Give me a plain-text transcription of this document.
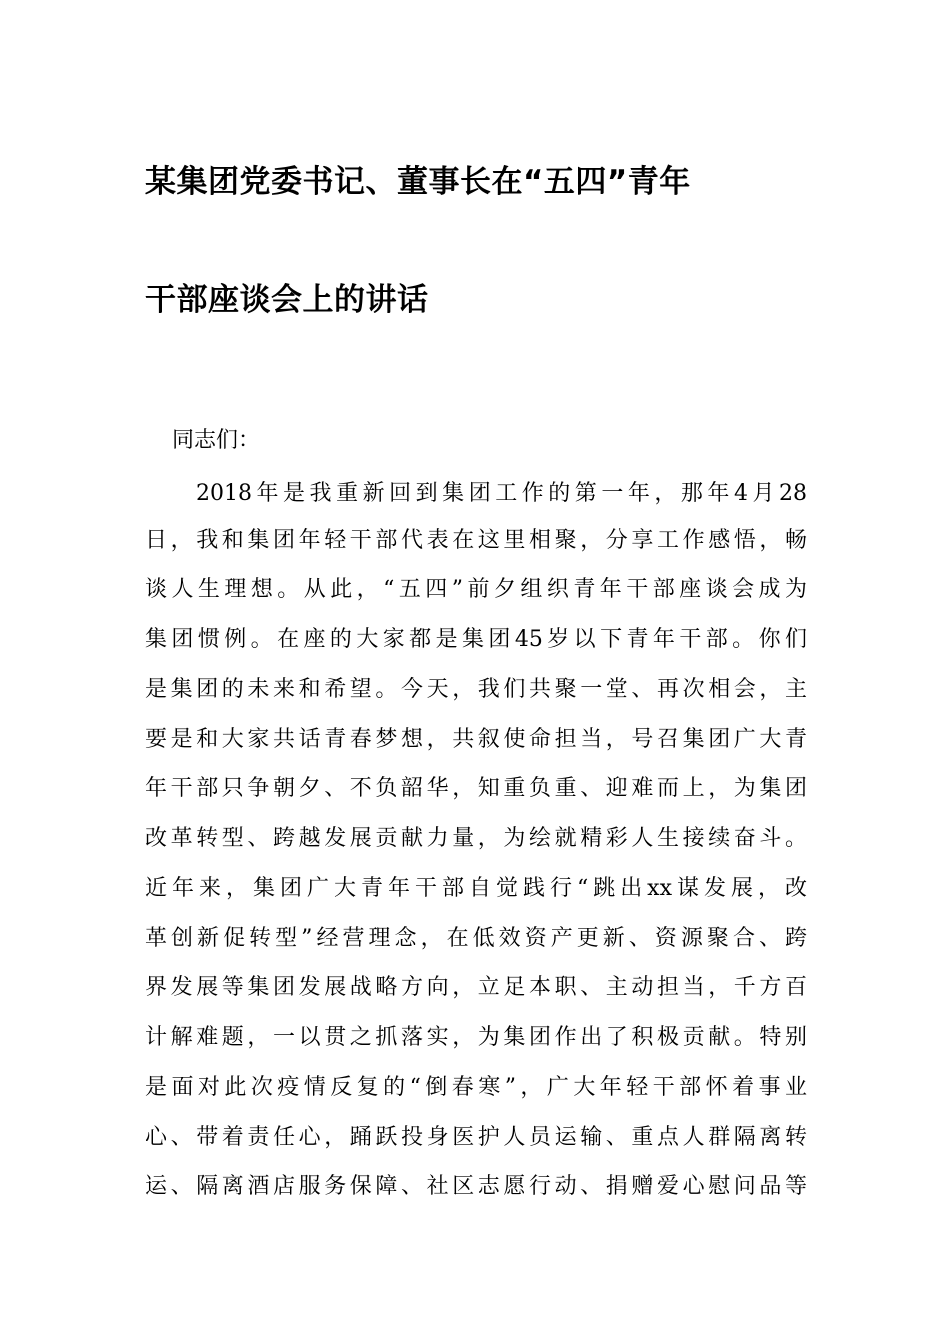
某集团党委书记、董事长在“五四”青年
干部座谈会上的讲话
同志们：
2018年是我重新回到集团工作的第一年，那年4月28
日，我和集团年轻干部代表在这里相聚，分享工作感悟，畅
谈人生理想。从此，“五四”前夕组织青年干部座谈会成为
集团惯例。在座的大家都是集团45岁以下青年干部。你们
是集团的未来和希望。今天，我们共聚一堂、再次相会，主
要是和大家共话青春梦想，共叙使命担当，号召集团广大青
年干部只争朝夕、不负韶华，知重负重、迎难而上，为集团
改革转型、跨越发展贡献力量，为绘就精彩人生接续奋斗。
近年来，集团广大青年干部自觉践行“跳出xx谋发展，改
革创新促转型”经营理念，在低效资产更新、资源聚合、跨
界发展等集团发展战略方向，立足本职、主动担当，千方百
计解难题，一以贯之抓落实，为集团作出了积极贡献。特别
是面对此次疫情反复的“倒春寒”，广大年轻干部怀着事业
心、带着责任心，踊跃投身医护人员运输、重点人群隔离转
运、隔离酒店服务保障、社区志愿行动、捐赠爱心慰问品等
